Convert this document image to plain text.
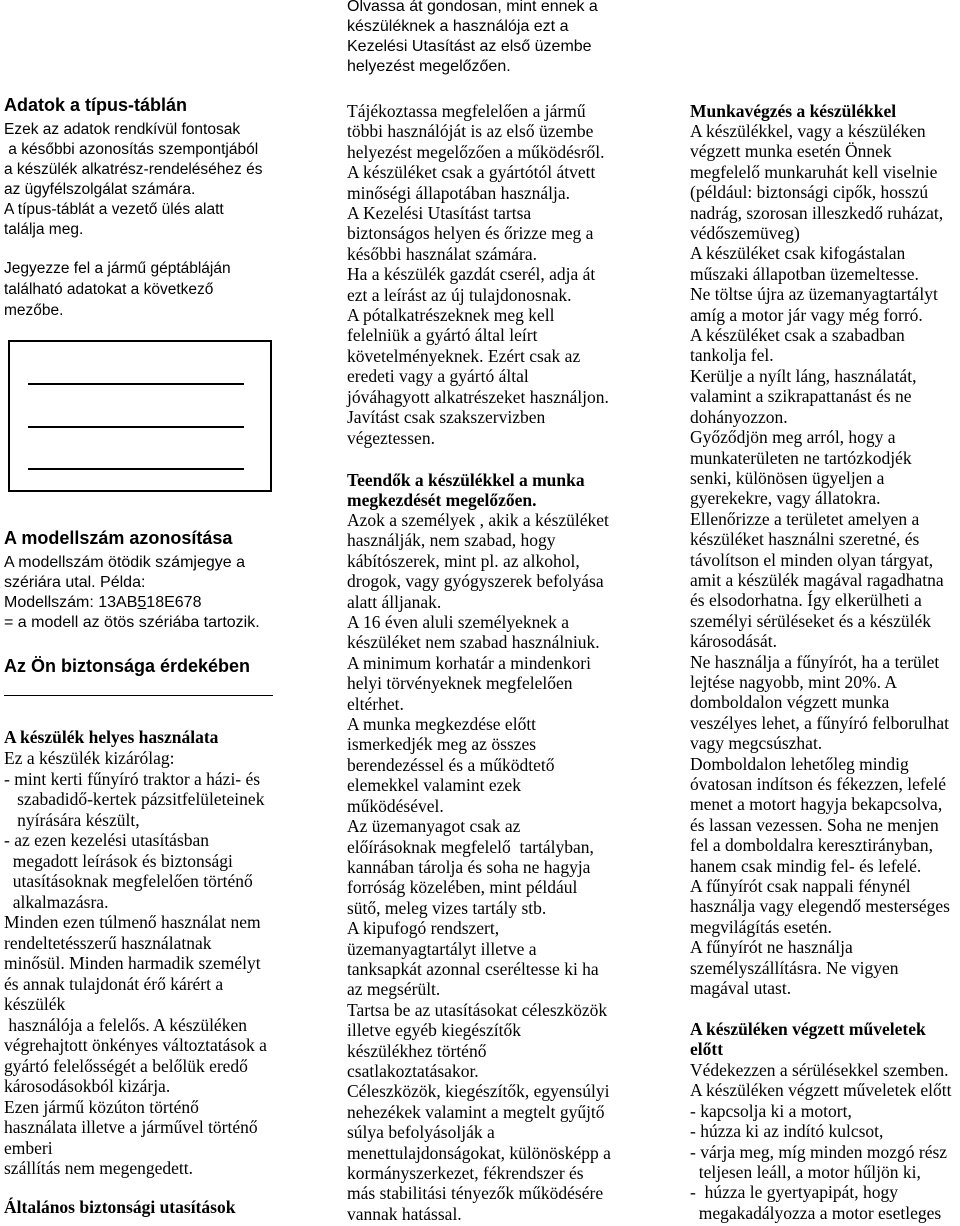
Olvassa át gondosan, mint ennek a
készüléknek a használója ezt a
Kezelési Utasítást az első üzembe
helyezést megelőzően.
Adatok a típus-táblán
Ezek az adatok rendkívül fontosak
a későbbi azonosítás szempontjából
a készülék alkatrész-rendeléséhez és
az ügyfélszolgálat számára.
A típus-táblát a vezető ülés alatt
találja meg.
Jegyezze fel a jármű géptábláján
található adatokat a következő
mezőbe.
A modellszám azonosítása
A modellszám ötödik számjegye a
szériára utal. Példa:
Modellszám: 13AB518E678
= a modell az ötös szériába tartozik.
Az Ön biztonsága érdekében
A készülék helyes használata
Ez a készülék kizárólag:
- mint kerti fűnyíró traktor a házi- és
szabadidő-kertek pázsitfelületeinek
nyírására készült,
- az ezen kezelési utasításban
megadott leírások és biztonsági
utasításoknak megfelelően történő
alkalmazásra.
Minden ezen túlmenő használat nem
rendeltetésszerű használatnak
minősül. Minden harmadik személyt
és annak tulajdonát érő kárért a
készülék
használója a felelős. A készüléken
végrehajtott önkényes változtatások a
gyártó felelősségét a belőlük eredő
károsodásokból kizárja.
Ezen jármű közúton történő
használata illetve a járművel történő
emberi
szállítás nem megengedett.
Általános biztonsági utasítások
Tájékoztassa megfelelően a jármű
többi használóját is az első üzembe
helyezést megelőzően a működésről.
A készüléket csak a gyártótól átvett
minőségi állapotában használja.
A Kezelési Utasítást tartsa
biztonságos helyen és őrizze meg a
későbbi használat számára.
Ha a készülék gazdát cserél, adja át
ezt a leírást az új tulajdonosnak.
A pótalkatrészeknek meg kell
felelniük a gyártó által leírt
követelményeknek. Ezért csak az
eredeti vagy a gyártó által
jóváhagyott alkatrészeket használjon.
Javítást csak szakszervizben
végeztessen.
Teendők a készülékkel a munka
megkezdését megelőzően.
Azok a személyek , akik a készüléket
használják, nem szabad, hogy
kábítószerek, mint pl. az alkohol,
drogok, vagy gyógyszerek befolyása
alatt álljanak.
A 16 éven aluli személyeknek a
készüléket nem szabad használniuk.
A minimum korhatár a mindenkori
helyi törvényeknek megfelelően
eltérhet.
A munka megkezdése előtt
ismerkedjék meg az összes
berendezéssel és a működtető
elemekkel valamint ezek
működésével.
Az üzemanyagot csak az
előírásoknak megfelelő  tartályban,
kannában tárolja és soha ne hagyja
forróság közelében, mint például
sütő, meleg vizes tartály stb.
A kipufogó rendszert,
üzemanyagtartályt illetve a
tanksapkát azonnal cseréltesse ki ha
az megsérült.
Tartsa be az utasításokat céleszközök
illetve egyéb kiegészítők
készülékhez történő
csatlakoztatásakor.
Céleszközök, kiegészítők, egyensúlyi
nehezékek valamint a megtelt gyűjtő
súlya befolyásolják a
menettulajdonságokat, különösképp a
kormányszerkezet, fékrendszer és
más stabilitási tényezők működésére
vannak hatással.
Munkavégzés a készülékkel
A készülékkel, vagy a készüléken
végzett munka esetén Önnek
megfelelő munkaruhát kell viselnie
(például: biztonsági cipők, hosszú
nadrág, szorosan illeszkedő ruházat,
védőszemüveg)
A készüléket csak kifogástalan
műszaki állapotban üzemeltesse.
Ne töltse újra az üzemanyagtartályt
amíg a motor jár vagy még forró.
A készüléket csak a szabadban
tankolja fel.
Kerülje a nyílt láng, használatát,
valamint a szikrapattanást és ne
dohányozzon.
Győződjön meg arról, hogy a
munkaterületen ne tartózkodjék
senki, különösen ügyeljen a
gyerekekre, vagy állatokra.
Ellenőrizze a területet amelyen a
készüléket használni szeretné, és
távolítson el minden olyan tárgyat,
amit a készülék magával ragadhatna
és elsodorhatna. Így elkerülheti a
személyi sérüléseket és a készülék
károsodását.
Ne használja a fűnyírót, ha a terület
lejtése nagyobb, mint 20%. A
domboldalon végzett munka
veszélyes lehet, a fűnyíró felborulhat
vagy megcsúszhat.
Domboldalon lehetőleg mindig
óvatosan indítson és fékezzen, lefelé
menet a motort hagyja bekapcsolva,
és lassan vezessen. Soha ne menjen
fel a domboldalra keresztirányban,
hanem csak mindig fel- és lefelé.
A fűnyírót csak nappali fénynél
használja vagy elegendő mesterséges
megvilágítás esetén.
A fűnyírót ne használja
személyszállításra. Ne vigyen
magával utast.
A készüléken végzett műveletek
előtt
Védekezzen a sérülésekkel szemben.
A készüléken végzett műveletek előtt
- kapcsolja ki a motort,
- húzza ki az indító kulcsot,
- várja meg, míg minden mozgó rész
teljesen leáll, a motor hűljön ki,
-  húzza le gyertyapipát, hogy
megakadályozza a motor esetleges
